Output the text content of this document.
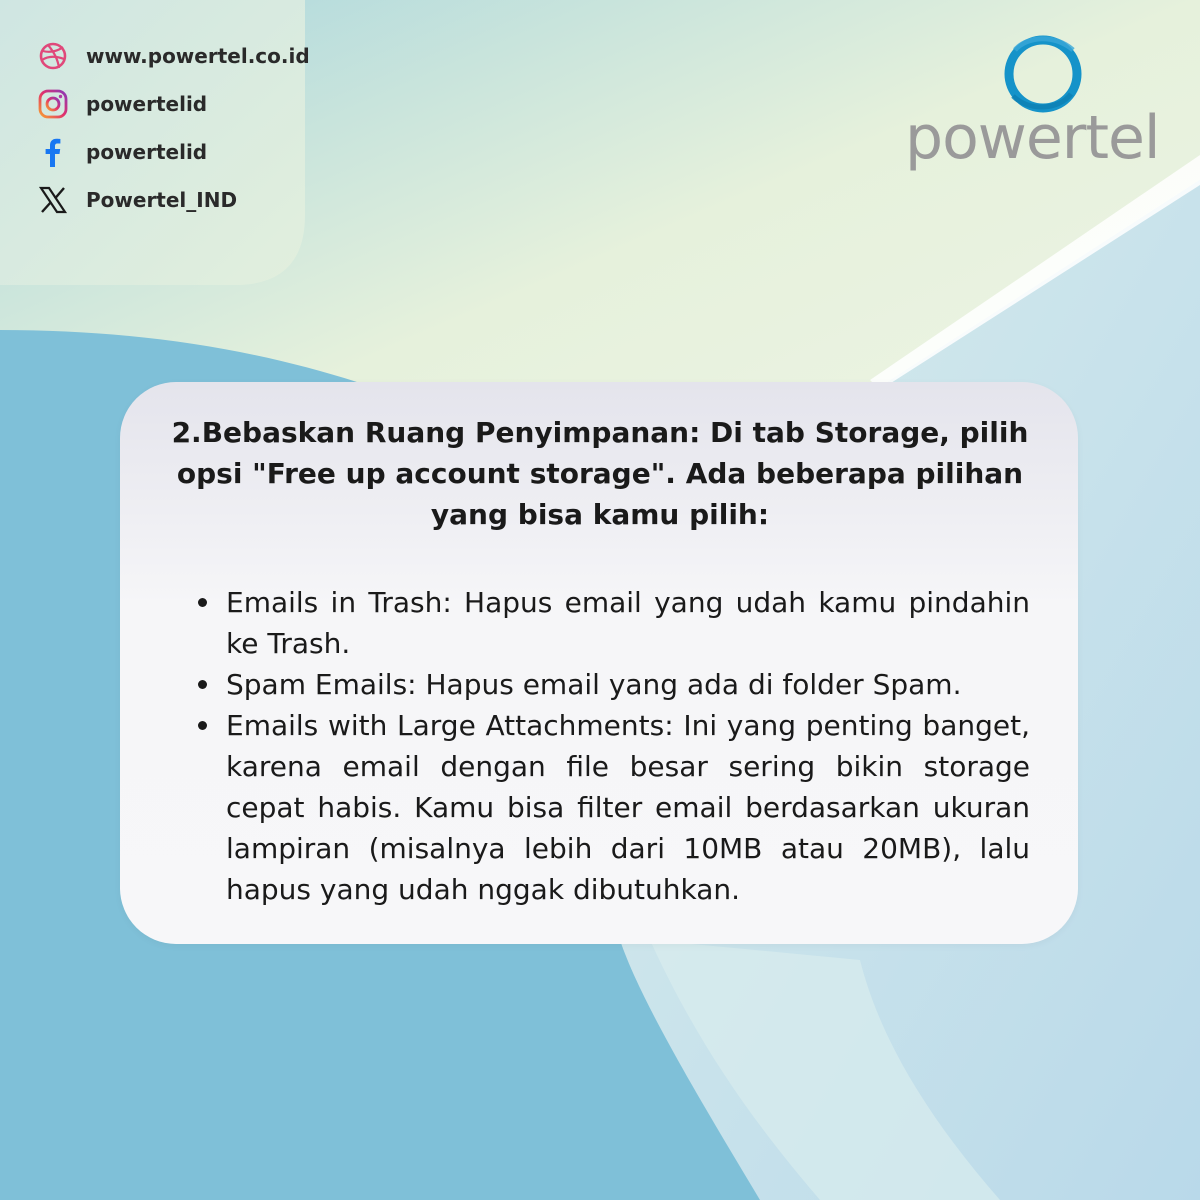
www.powertel.co.id
powertelid
powertelid
Powertel_IND
powertel
2.Bebaskan Ruang Penyimpanan: Di tab Storage, pilih opsi "Free up account storage". Ada beberapa pilihan yang bisa kamu pilih:
Emails in Trash: Hapus email yang udah kamu pindahin ke Trash.
Spam Emails: Hapus email yang ada di folder Spam.
Emails with Large Attachments: Ini yang penting banget, karena email dengan file besar sering bikin storage cepat habis. Kamu bisa filter email berdasarkan ukuran lampiran (misalnya lebih dari 10MB atau 20MB), lalu hapus yang udah nggak dibutuhkan.
